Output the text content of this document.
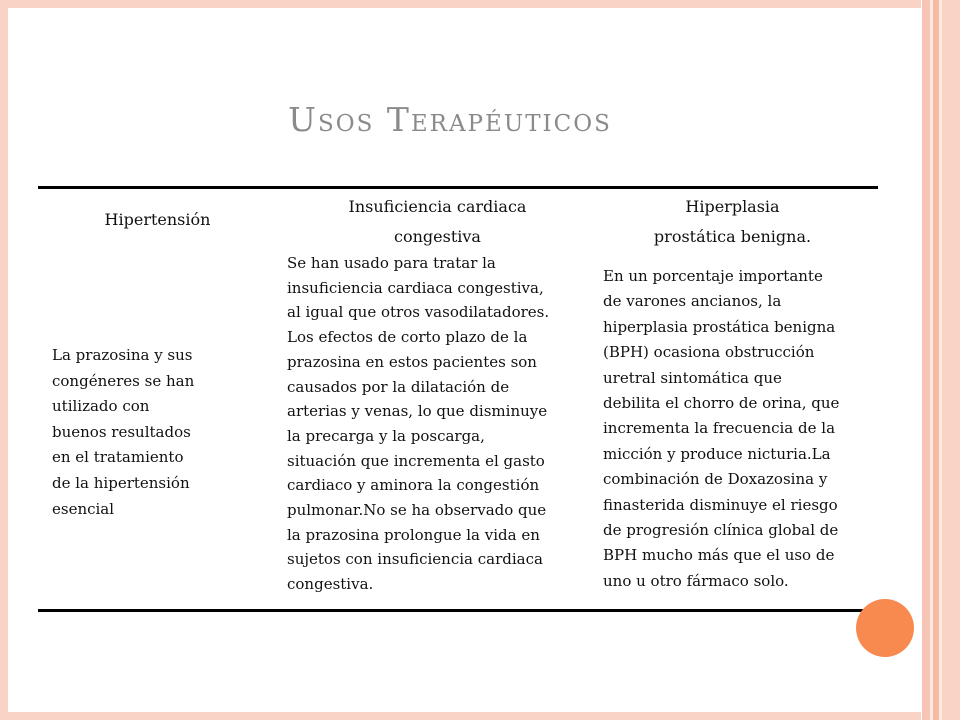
Usos Terapéuticos
Hipertensión
Insuficiencia cardiaca
congestiva
Hiperplasia
prostática benigna.
La prazosina y sus
congéneres se han
utilizado con
buenos resultados
en el tratamiento
de la hipertensión
esencial
Se han usado para tratar la
insuficiencia cardiaca congestiva,
al igual que otros vasodilatadores.
Los efectos de corto plazo de la
prazosina en estos pacientes son
causados por la dilatación de
arterias y venas, lo que disminuye
la precarga y la poscarga,
situación que incrementa el gasto
cardiaco y aminora la congestión
pulmonar.No se ha observado que
la prazosina prolongue la vida en
sujetos con insuficiencia cardiaca
congestiva.
En un porcentaje importante
de varones ancianos, la
hiperplasia prostática benigna
(BPH) ocasiona obstrucción
uretral sintomática que
debilita el chorro de orina, que
incrementa la frecuencia de la
micción y produce nicturia.La
combinación de Doxazosina y
finasterida disminuye el riesgo
de progresión clínica global de
BPH mucho más que el uso de
uno u otro fármaco solo.
